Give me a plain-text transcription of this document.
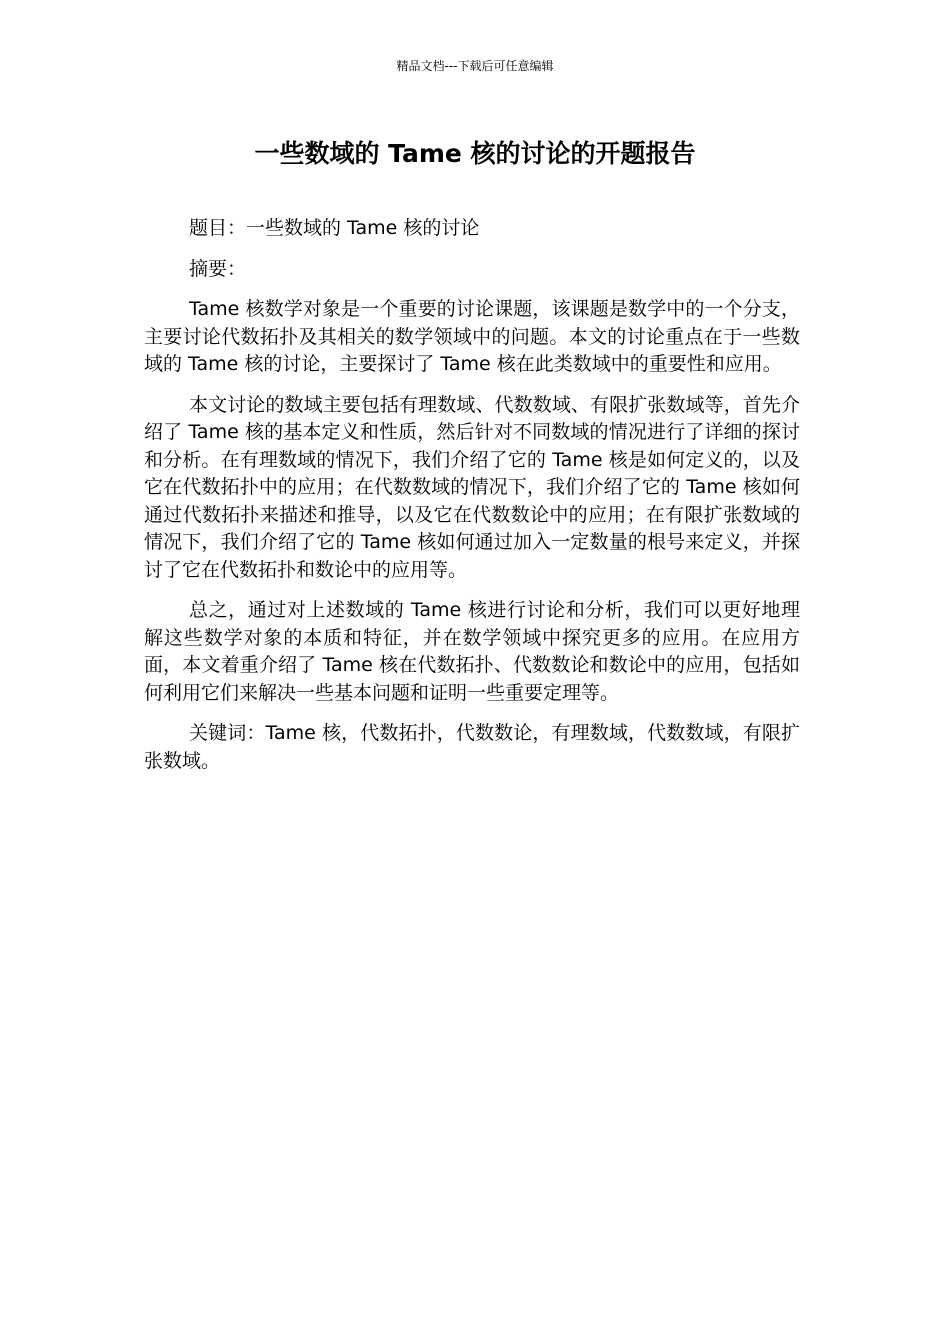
精品文档---下载后可任意编辑
一些数域的 Tame 核的讨论的开题报告

题目：一些数域的 Tame 核的讨论

摘要：

Tame 核数学对象是一个重要的讨论课题，该课题是数学中的一个分支，主要讨论代数拓扑及其相关的数学领域中的问题。本文的讨论重点在于一些数域的 Tame 核的讨论，主要探讨了 Tame 核在此类数域中的重要性和应用。

本文讨论的数域主要包括有理数域、代数数域、有限扩张数域等，首先介绍了 Tame 核的基本定义和性质，然后针对不同数域的情况进行了详细的探讨和分析。在有理数域的情况下，我们介绍了它的 Tame 核是如何定义的，以及它在代数拓扑中的应用；在代数数域的情况下，我们介绍了它的 Tame 核如何通过代数拓扑来描述和推导，以及它在代数数论中的应用；在有限扩张数域的情况下，我们介绍了它的 Tame 核如何通过加入一定数量的根号来定义，并探讨了它在代数拓扑和数论中的应用等。

总之，通过对上述数域的 Tame 核进行讨论和分析，我们可以更好地理解这些数学对象的本质和特征，并在数学领域中探究更多的应用。在应用方面，本文着重介绍了 Tame 核在代数拓扑、代数数论和数论中的应用，包括如何利用它们来解决一些基本问题和证明一些重要定理等。

关键词：Tame 核，代数拓扑，代数数论，有理数域，代数数域，有限扩张数域。
